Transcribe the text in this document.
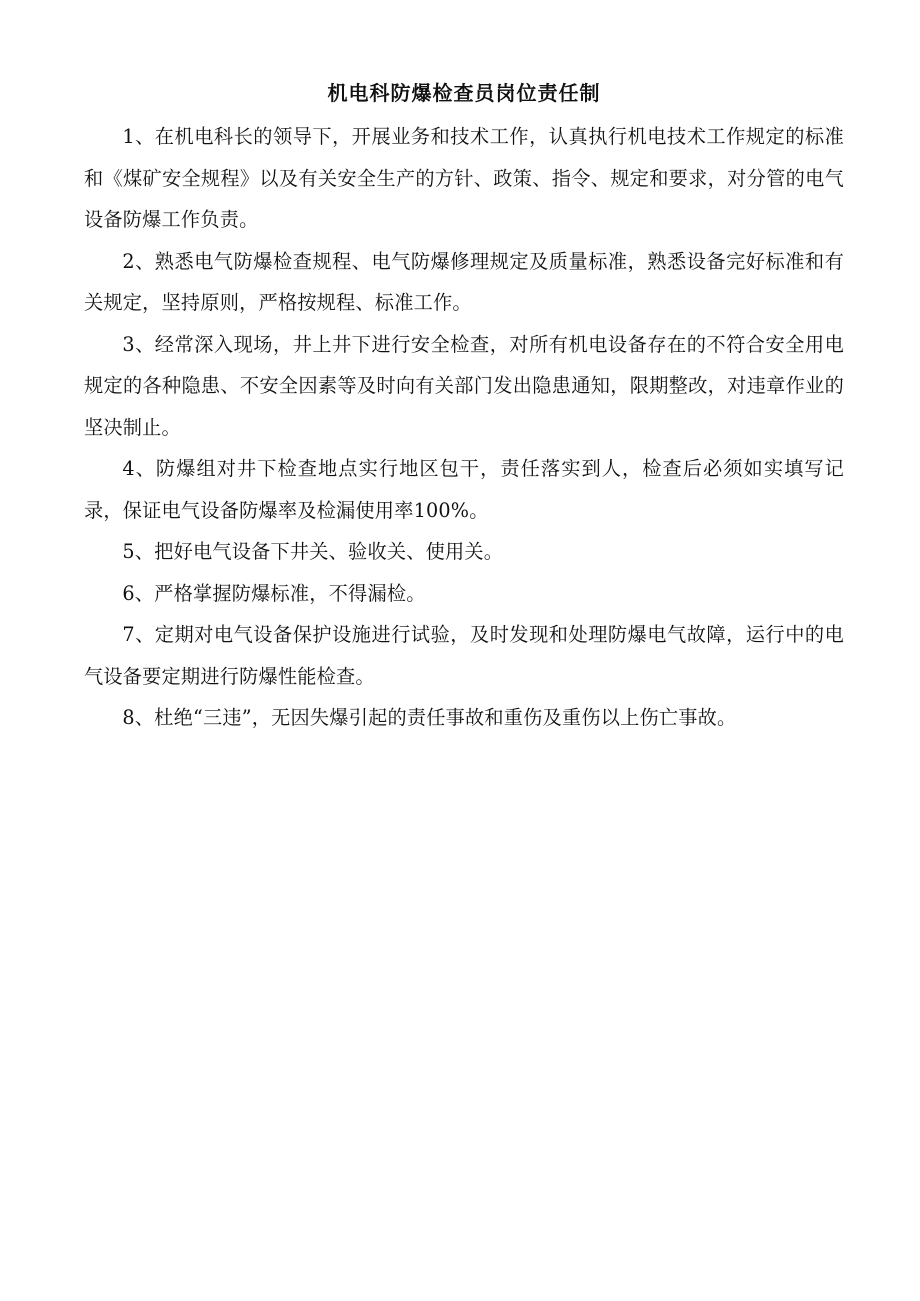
机电科防爆检查员岗位责任制

1、在机电科长的领导下，开展业务和技术工作，认真执行机电技术工作规定的标准和《煤矿安全规程》以及有关安全生产的方针、政策、指令、规定和要求，对分管的电气设备防爆工作负责。

2、熟悉电气防爆检查规程、电气防爆修理规定及质量标准，熟悉设备完好标准和有关规定，坚持原则，严格按规程、标准工作。

3、经常深入现场，井上井下进行安全检查，对所有机电设备存在的不符合安全用电规定的各种隐患、不安全因素等及时向有关部门发出隐患通知，限期整改，对违章作业的坚决制止。

4、防爆组对井下检查地点实行地区包干，责任落实到人，检查后必须如实填写记录，保证电气设备防爆率及检漏使用率100%。

5、把好电气设备下井关、验收关、使用关。

6、严格掌握防爆标准，不得漏检。

7、定期对电气设备保护设施进行试验，及时发现和处理防爆电气故障，运行中的电气设备要定期进行防爆性能检查。

8、杜绝“三违”，无因失爆引起的责任事故和重伤及重伤以上伤亡事故。
